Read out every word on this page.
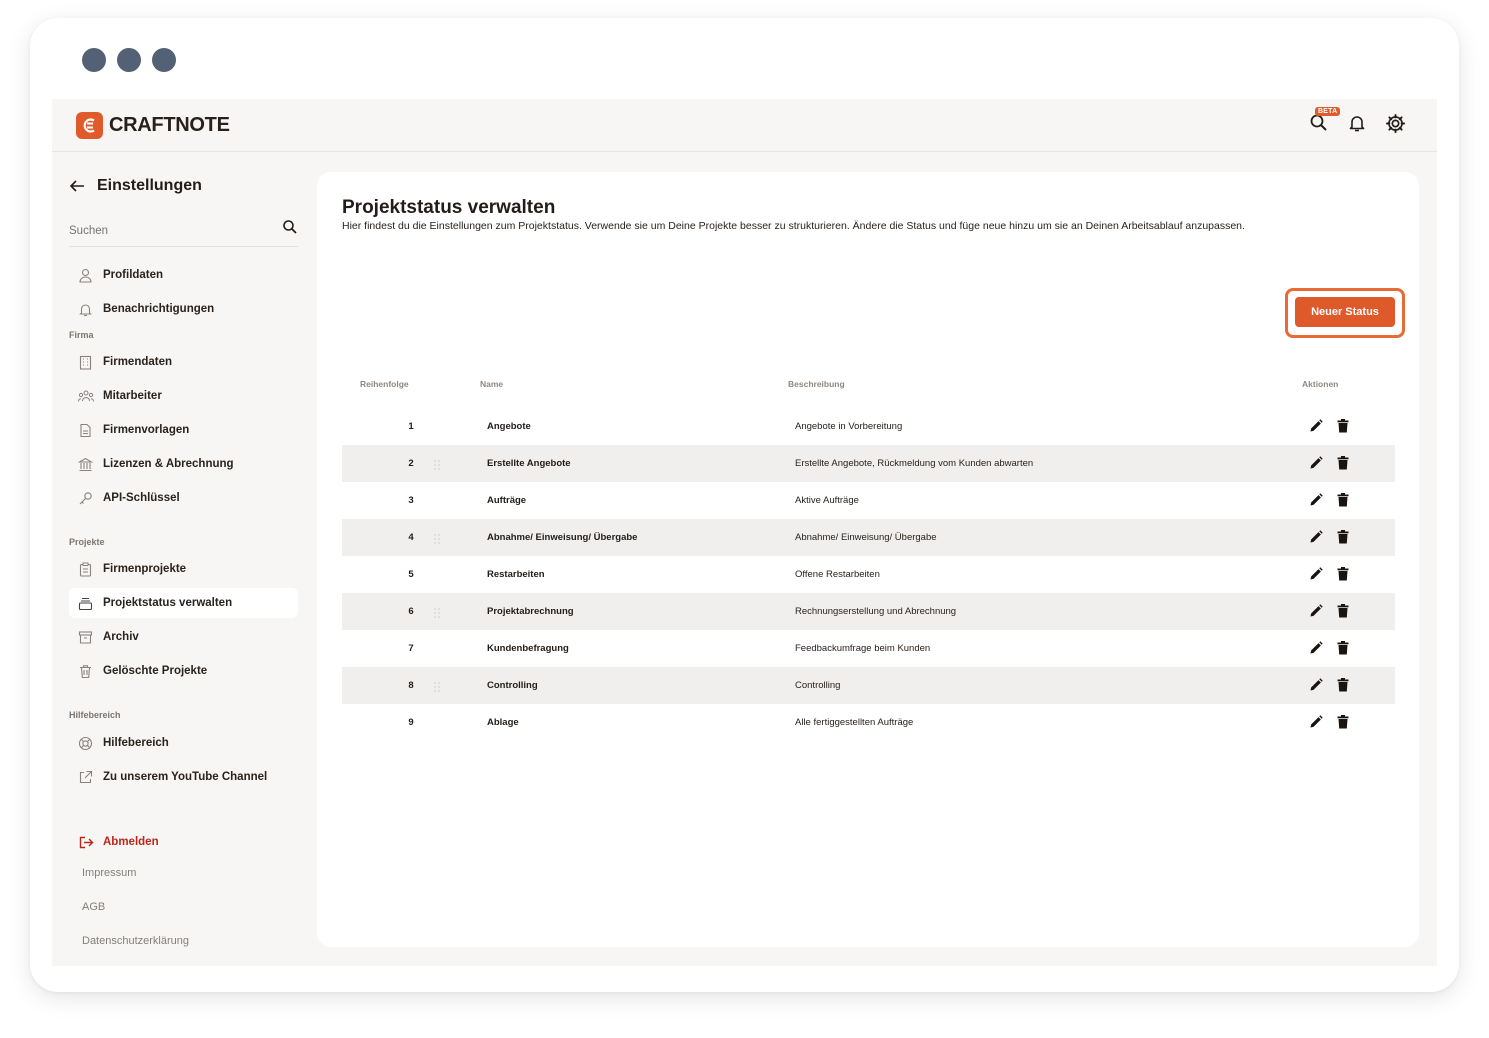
CRAFTNOTE
BETA
Einstellungen
Suchen
Profildaten
Benachrichtigungen
Firma
Firmendaten
Mitarbeiter
Firmenvorlagen
Lizenzen & Abrechnung
API-Schlüssel
Projekte
Firmenprojekte
Projektstatus verwalten
Archiv
Gelöschte Projekte
Hilfebereich
Hilfebereich
Zu unserem YouTube Channel
Abmelden
Impressum
AGB
Datenschutzerklärung
Projektstatus verwalten

Hier findest du die Einstellungen zum Projektstatus. Verwende sie um Deine Projekte besser zu strukturieren. Ändere die Status und füge neue hinzu um sie an Deinen Arbeitsablauf anzupassen.

Neuer Status
Reihenfolge	Name	Beschreibung	Aktionen
1	Angebote	Angebote in Vorbereitung
2	Erstellte Angebote	Erstellte Angebote, Rückmeldung vom Kunden abwarten
3	Aufträge	Aktive Aufträge
4	Abnahme/ Einweisung/ Übergabe	Abnahme/ Einweisung/ Übergabe
5	Restarbeiten	Offene Restarbeiten
6	Projektabrechnung	Rechnungserstellung und Abrechnung
7	Kundenbefragung	Feedbackumfrage beim Kunden
8	Controlling	Controlling
9	Ablage	Alle fertiggestellten Aufträge
